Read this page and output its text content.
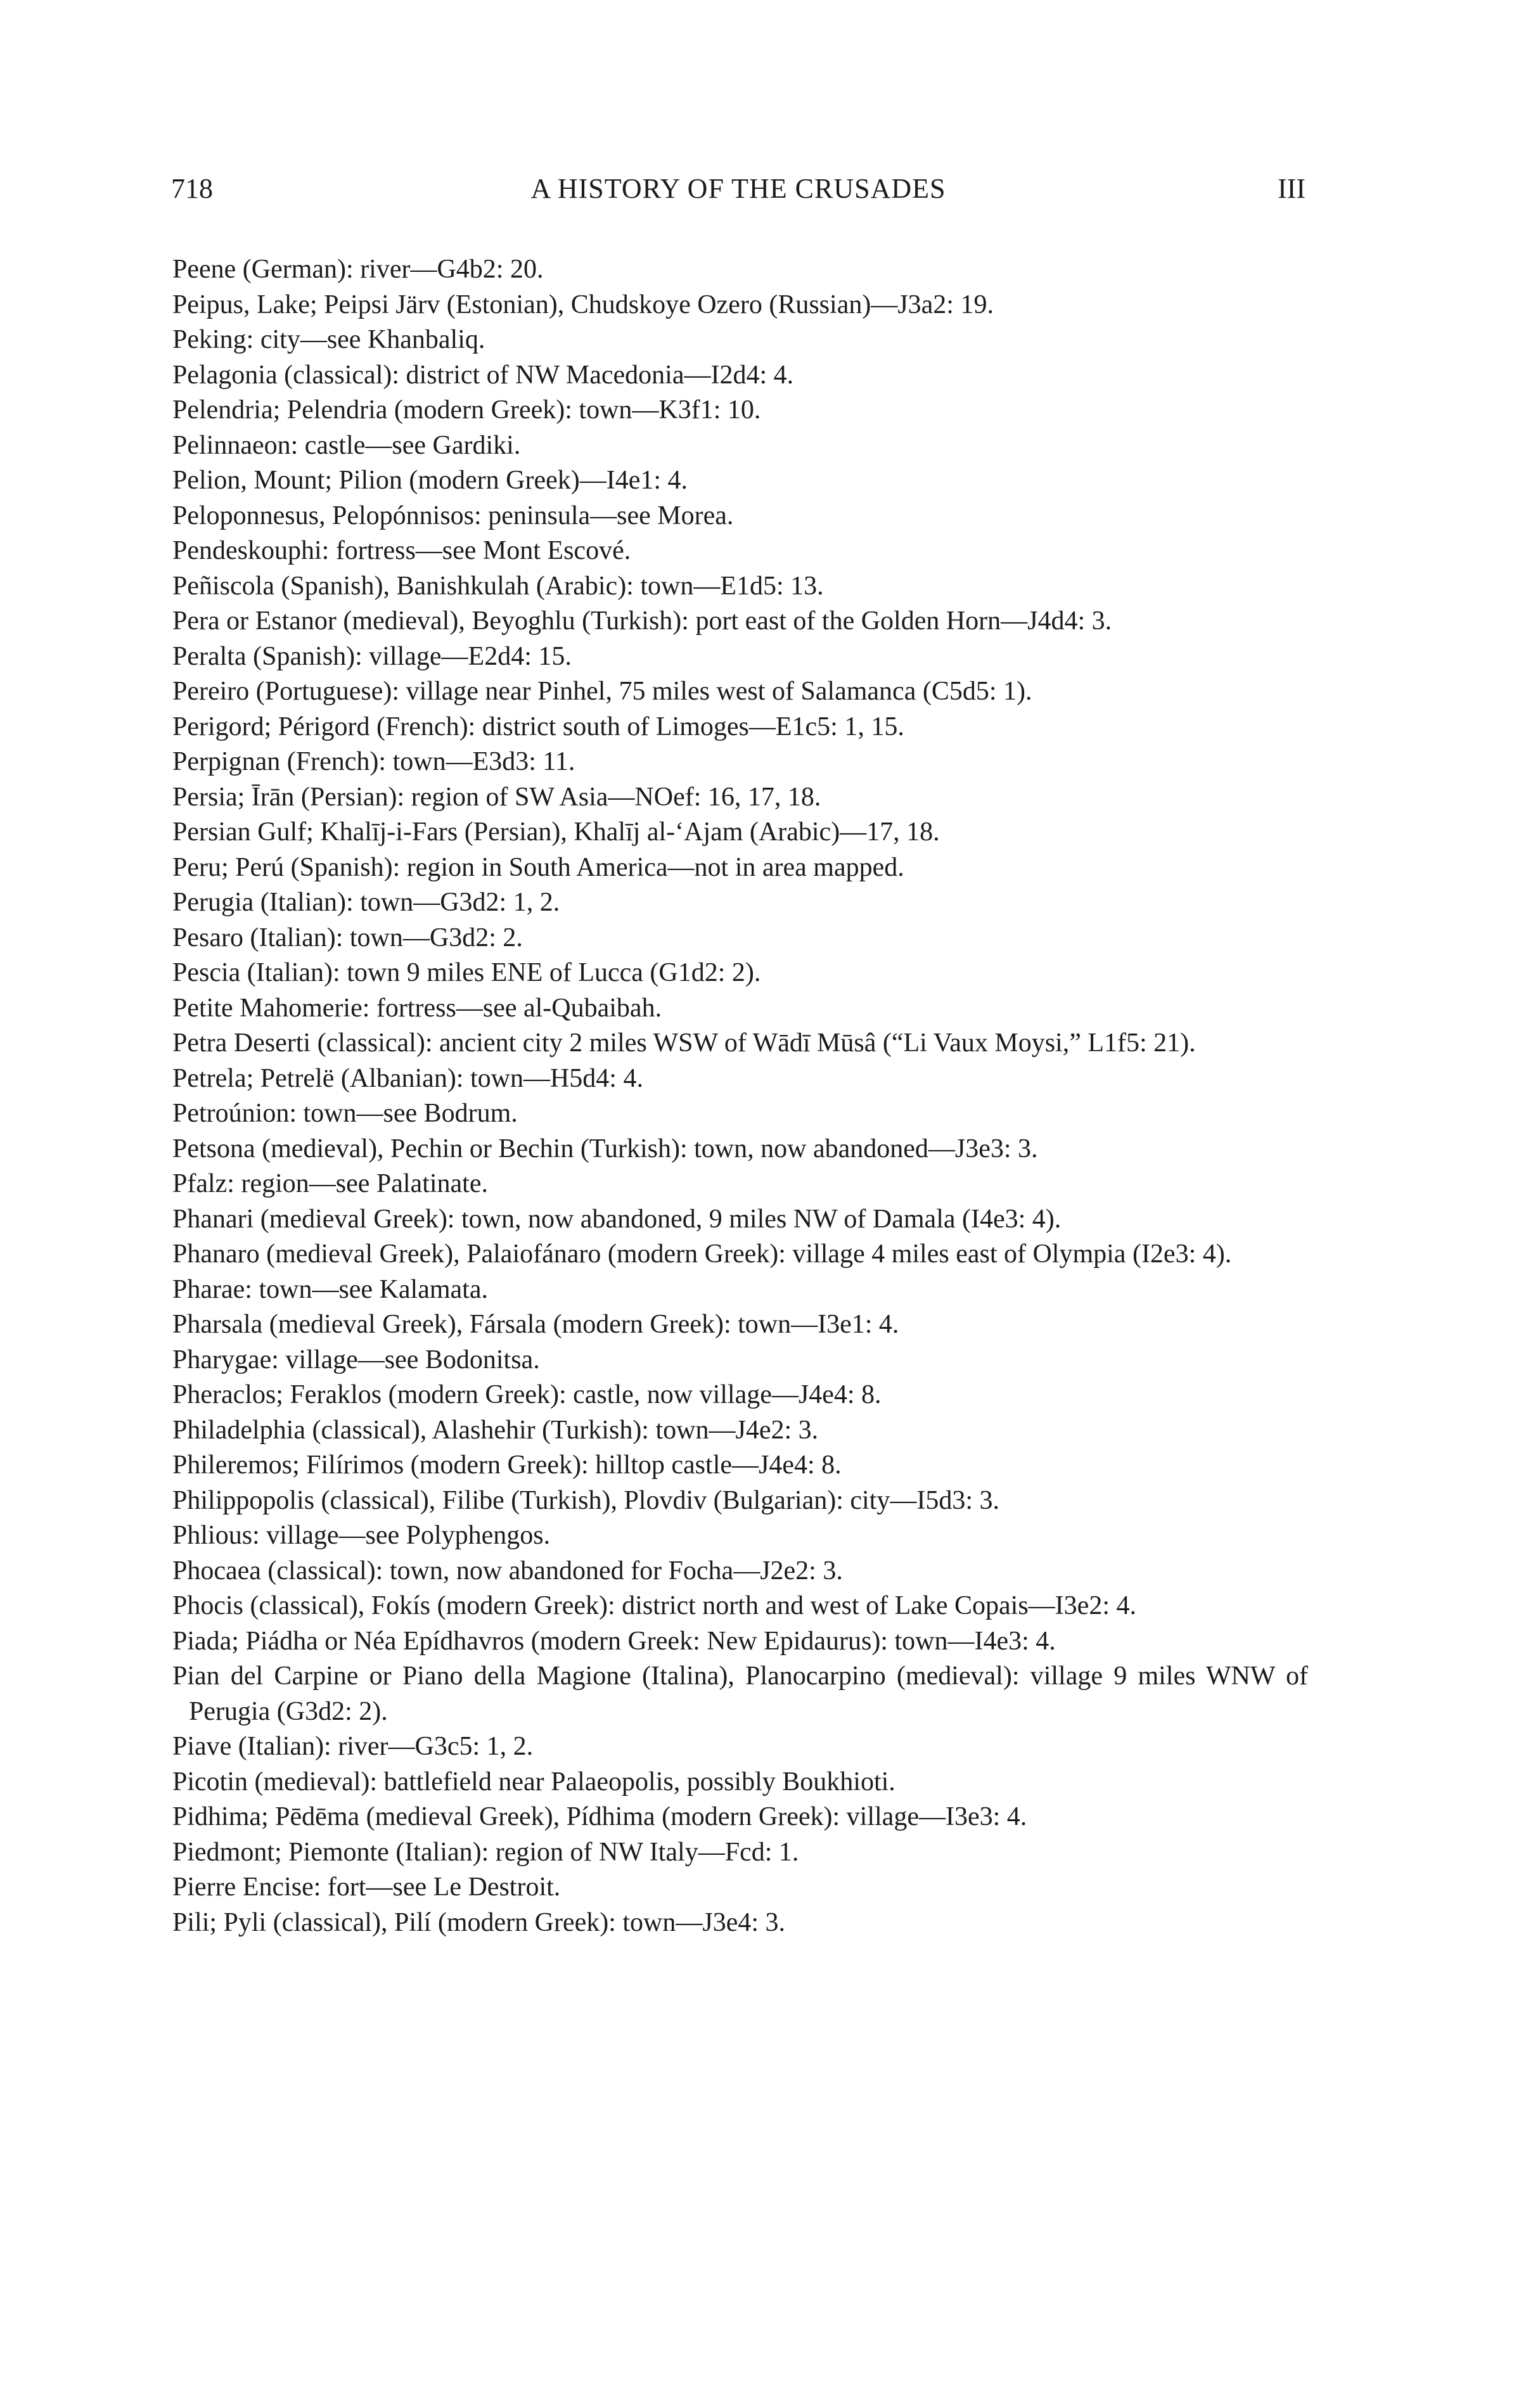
718	A HISTORY OF THE CRUSADES	III

Peene (German): river—G4b2: 20.

Peipus, Lake; Peipsi Järv (Estonian), Chudskoye Ozero (Russian)—J3a2: 19.

Peking: city—see Khanbaliq.

Pelagonia (classical): district of NW Macedonia—I2d4: 4.

Pelendria; Pelendria (modern Greek): town—K3f1: 10.

Pelinnaeon: castle—see Gardiki.

Pelion, Mount; Pilion (modern Greek)—I4e1: 4.

Peloponnesus, Pelopónnisos: peninsula—see Morea.

Pendeskouphi: fortress—see Mont Escové.

Peñiscola (Spanish), Banishkulah (Arabic): town—E1d5: 13.

Pera or Estanor (medieval), Beyoghlu (Turkish): port east of the Golden Horn—J4d4: 3.

Peralta (Spanish): village—E2d4: 15.

Pereiro (Portuguese): village near Pinhel, 75 miles west of Salamanca (C5d5: 1).

Perigord; Périgord (French): district south of Limoges—E1c5: 1, 15.

Perpignan (French): town—E3d3: 11.

Persia; Īrān (Persian): region of SW Asia—NOef: 16, 17, 18.

Persian Gulf; Khalīj-i-Fars (Persian), Khalīj al-‘Ajam (Arabic)—17, 18.

Peru; Perú (Spanish): region in South America—not in area mapped.

Perugia (Italian): town—G3d2: 1, 2.

Pesaro (Italian): town—G3d2: 2.

Pescia (Italian): town 9 miles ENE of Lucca (G1d2: 2).

Petite Mahomerie: fortress—see al-Qubaibah.

Petra Deserti (classical): ancient city 2 miles WSW of Wādī Mūsâ (“Li Vaux Moysi,” L1f5: 21).

Petrela; Petrelë (Albanian): town—H5d4: 4.

Petroúnion: town—see Bodrum.

Petsona (medieval), Pechin or Bechin (Turkish): town, now abandoned—J3e3: 3.

Pfalz: region—see Palatinate.

Phanari (medieval Greek): town, now abandoned, 9 miles NW of Damala (I4e3: 4).

Phanaro (medieval Greek), Palaiofánaro (modern Greek): village 4 miles east of Olympia (I2e3: 4).

Pharae: town—see Kalamata.

Pharsala (medieval Greek), Fársala (modern Greek): town—I3e1: 4.

Pharygae: village—see Bodonitsa.

Pheraclos; Feraklos (modern Greek): castle, now village—J4e4: 8.

Philadelphia (classical), Alashehir (Turkish): town—J4e2: 3.

Phileremos; Filírimos (modern Greek): hilltop castle—J4e4: 8.

Philippopolis (classical), Filibe (Turkish), Plovdiv (Bulgarian): city—I5d3: 3.

Phlious: village—see Polyphengos.

Phocaea (classical): town, now abandoned for Focha—J2e2: 3.

Phocis (classical), Fokís (modern Greek): district north and west of Lake Copais—I3e2: 4.

Piada; Piádha or Néa Epídhavros (modern Greek: New Epidaurus): town—I4e3: 4.

Pian del Carpine or Piano della Magione (Italina), Planocarpino (medieval): village 9 miles WNW of Perugia (G3d2: 2).

Piave (Italian): river—G3c5: 1, 2.

Picotin (medieval): battlefield near Palaeopolis, possibly Boukhioti.

Pidhima; Pēdēma (medieval Greek), Pídhima (modern Greek): village—I3e3: 4.

Piedmont; Piemonte (Italian): region of NW Italy—Fcd: 1.

Pierre Encise: fort—see Le Destroit.

Pili; Pyli (classical), Pilí (modern Greek): town—J3e4: 3.
